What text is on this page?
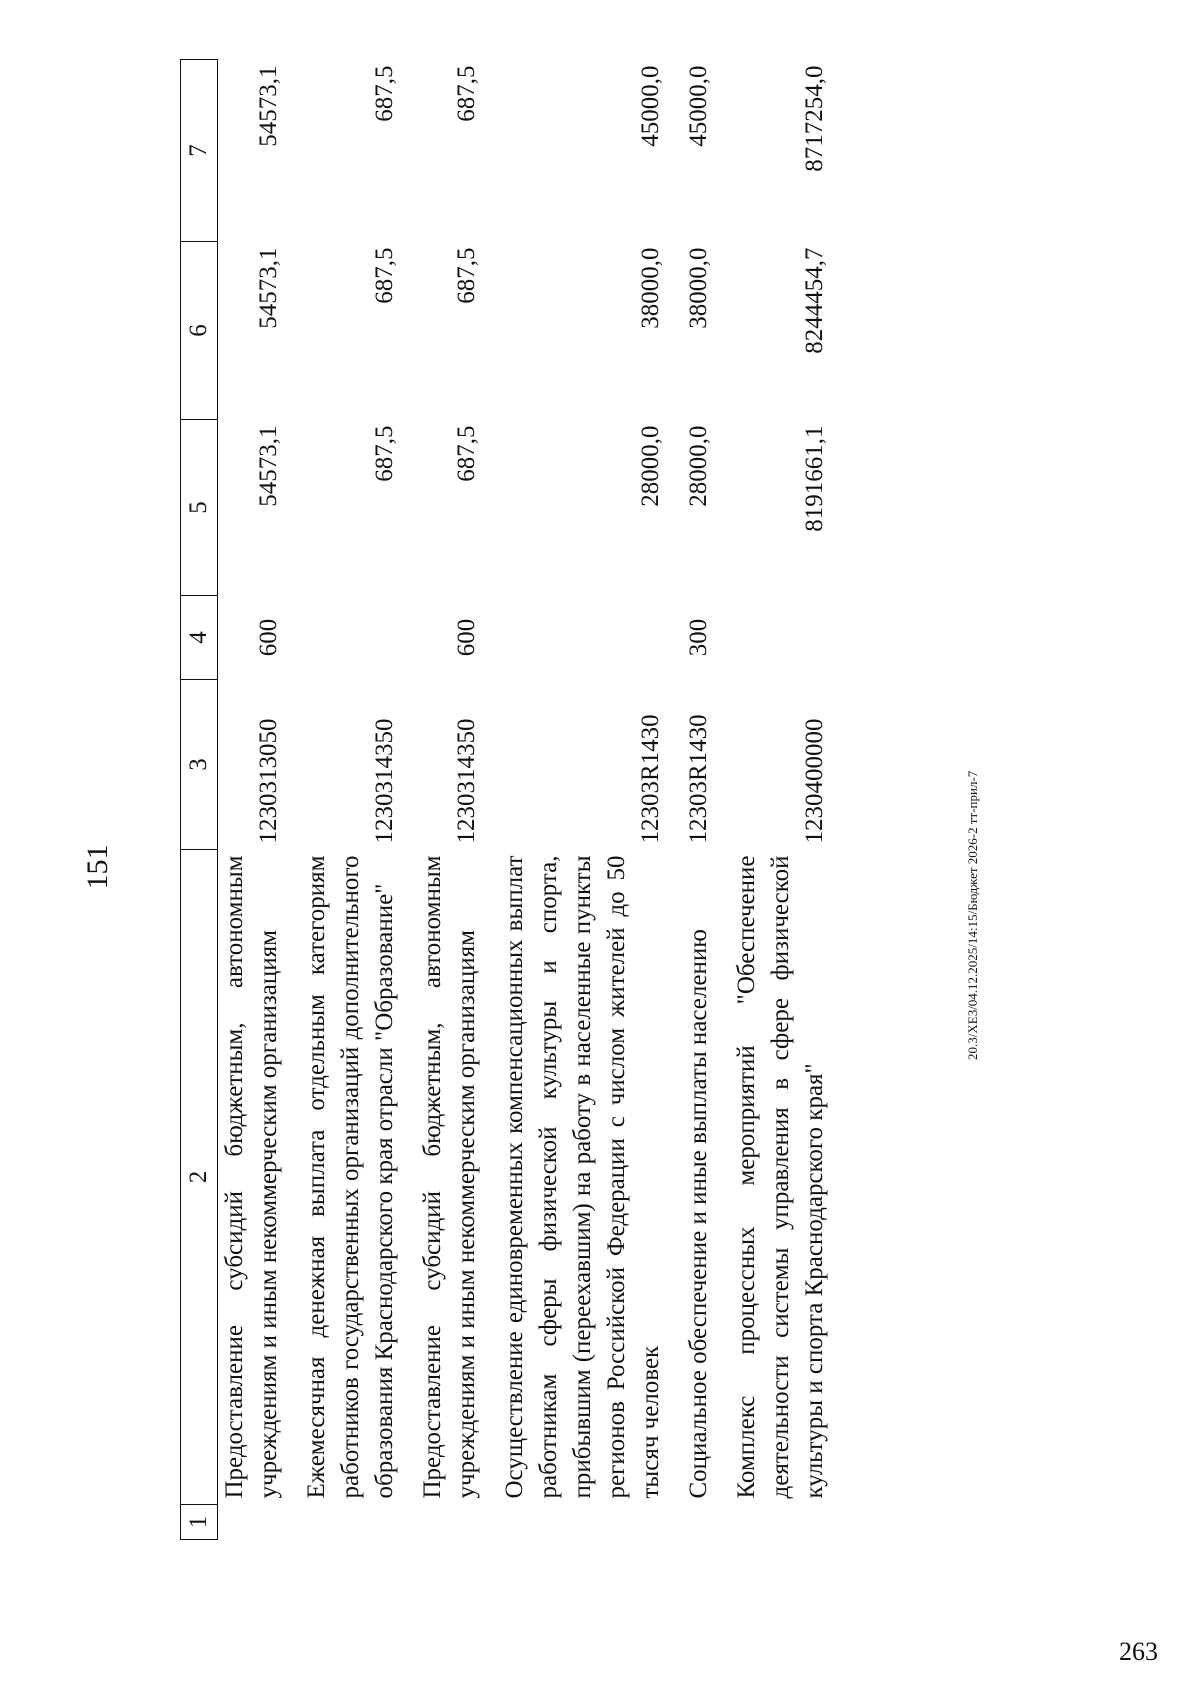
151	20.3/XE3/04.12.2025/14:15/Бюджет 2026-2 тт-прил-7
263
1	2	3	4	5	6	7
	Предоставление субсидий бюджетным, автономным учреждениям и иным некоммерческим организациям	1230313050	600	54573,1	54573,1	54573,1
	Ежемесячная денежная выплата отдельным категориям работников государственных организаций дополнительного образования Краснодарского края отрасли "Образование"	1230314350		687,5	687,5	687,5
	Предоставление субсидий бюджетным, автономным учреждениям и иным некоммерческим организациям	1230314350	600	687,5	687,5	687,5
	Осуществление единовременных компенсационных выплат работникам сферы физической культуры и спорта, прибывшим (переехавшим) на работу в населенные пункты регионов Российской Федерации с числом жителей до 50 тысяч человек	12303R1430		28000,0	38000,0	45000,0
	Социальное обеспечение и иные выплаты населению	12303R1430	300	28000,0	38000,0	45000,0
	Комплекс процессных мероприятий "Обеспечение деятельности системы управления в сфере физической культуры и спорта Краснодарского края"	1230400000		8191661,1	8244454,7	8717254,0
